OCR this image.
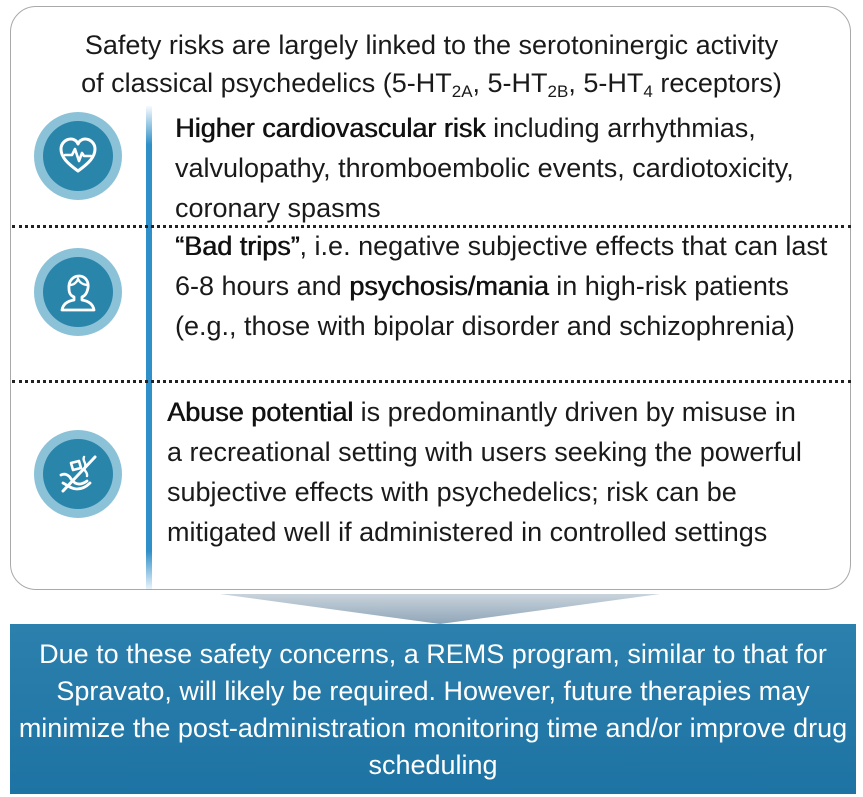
Safety risks are largely linked to the serotoninergic activity
of classical psychedelics ($5-HT_{2A}$, $5-HT_{2B}$, $5-HT_4$ receptors)
Higher cardiovascular risk including arrhythmias, valvulopathy, thromboembolic events, cardiotoxicity, coronary spasms
“Bad trips”, i.e. negative subjective effects that can last 6-8 hours and psychosis/mania in high-risk patients (e.g., those with bipolar disorder and schizophrenia)
Abuse potential is predominantly driven by misuse in a recreational setting with users seeking the powerful subjective effects with psychedelics; risk can be mitigated well if administered in controlled settings
Due to these safety concerns, a REMS program, similar to that for Spravato, will likely be required. However, future therapies may minimize the post-administration monitoring time and/or improve drug scheduling
